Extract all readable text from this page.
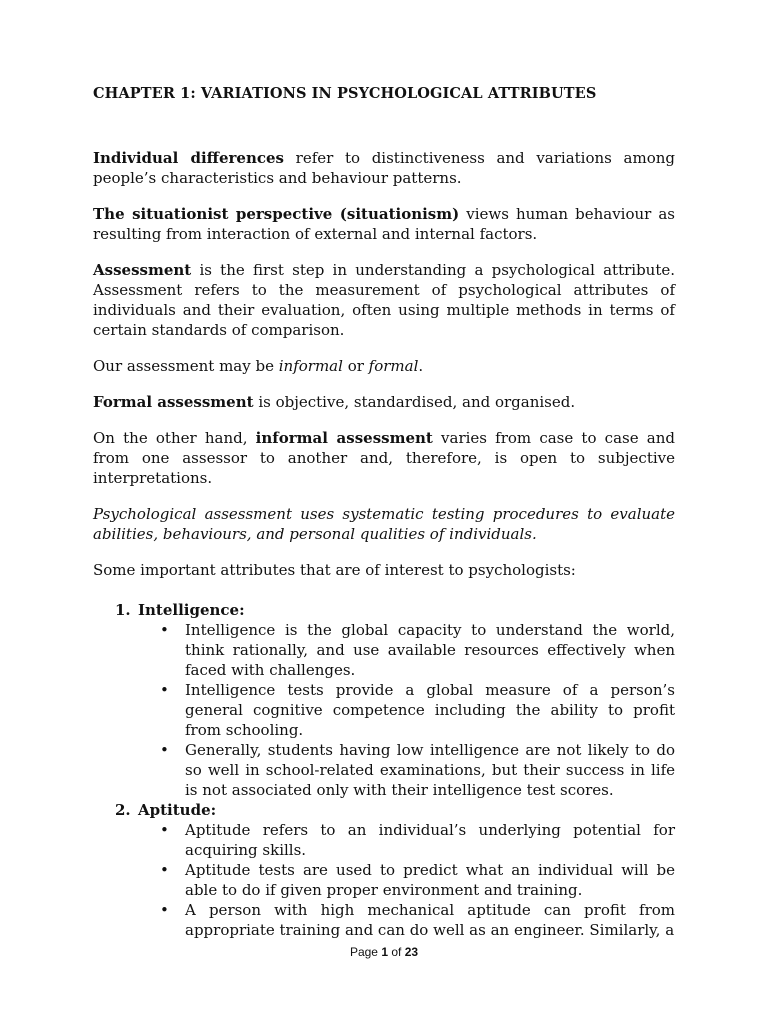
CHAPTER 1: VARIATIONS IN PSYCHOLOGICAL ATTRIBUTES

Individual differences refer to distinctiveness and variations among people’s characteristics and behaviour patterns.

The situationist perspective (situationism) views human behaviour as resulting from interaction of external and internal factors.

Assessment is the first step in understanding a psychological attribute. Assessment refers to the measurement of psychological attributes of individuals and their evaluation, often using multiple methods in terms of certain standards of comparison.

Our assessment may be informal or formal.

Formal assessment is objective, standardised, and organised.

On the other hand, informal assessment varies from case to case and from one assessor to another and, therefore, is open to subjective interpretations.

Psychological assessment uses systematic testing procedures to evaluate abilities, behaviours, and personal qualities of individuals.

Some important attributes that are of interest to psychologists:

1. Intelligence:
• Intelligence is the global capacity to understand the world, think rationally, and use available resources effectively when faced with challenges.
• Intelligence tests provide a global measure of a person’s general cognitive competence including the ability to profit from schooling.
• Generally, students having low intelligence are not likely to do so well in school-related examinations, but their success in life is not associated only with their intelligence test scores.
2. Aptitude:
• Aptitude refers to an individual’s underlying potential for acquiring skills.
• Aptitude tests are used to predict what an individual will be able to do if given proper environment and training.
• A person with high mechanical aptitude can profit from appropriate training and can do well as an engineer. Similarly, a
Page 1 of 23
